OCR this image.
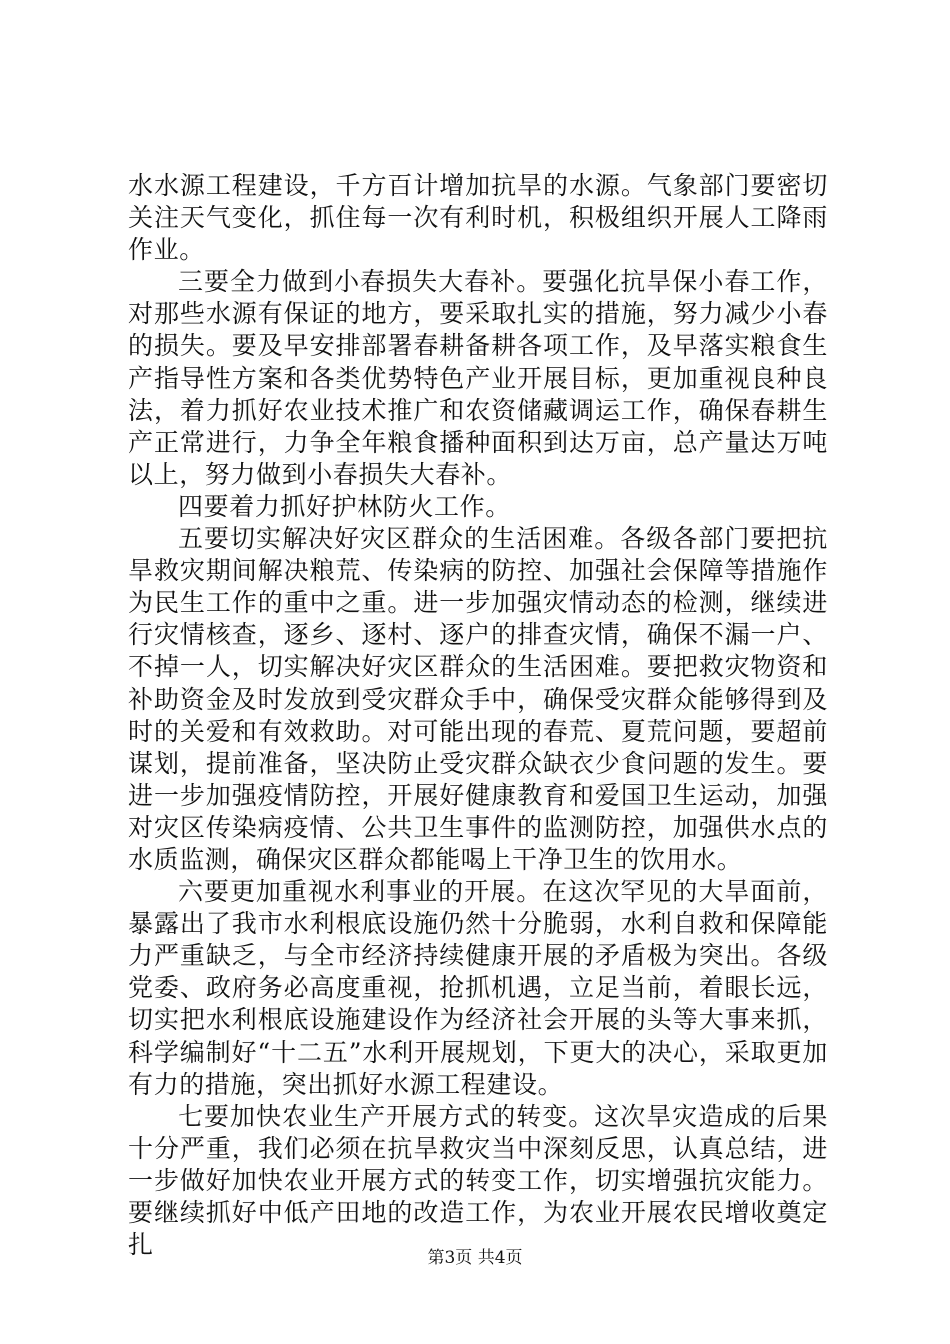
水水源工程建设，千方百计增加抗旱的水源。气象部门要密切关注天气变化，抓住每一次有利时机，积极组织开展人工降雨作业。

三要全力做到小春损失大春补。要强化抗旱保小春工作，对那些水源有保证的地方，要采取扎实的措施，努力减少小春的损失。要及早安排部署春耕备耕各项工作，及早落实粮食生产指导性方案和各类优势特色产业开展目标，更加重视良种良法，着力抓好农业技术推广和农资储藏调运工作，确保春耕生产正常进行，力争全年粮食播种面积到达万亩，总产量达万吨以上，努力做到小春损失大春补。

四要着力抓好护林防火工作。

五要切实解决好灾区群众的生活困难。各级各部门要把抗旱救灾期间解决粮荒、传染病的防控、加强社会保障等措施作为民生工作的重中之重。进一步加强灾情动态的检测，继续进行灾情核查，逐乡、逐村、逐户的排查灾情，确保不漏一户、不掉一人，切实解决好灾区群众的生活困难。要把救灾物资和补助资金及时发放到受灾群众手中，确保受灾群众能够得到及时的关爱和有效救助。对可能出现的春荒、夏荒问题，要超前谋划，提前准备，坚决防止受灾群众缺衣少食问题的发生。要进一步加强疫情防控，开展好健康教育和爱国卫生运动，加强对灾区传染病疫情、公共卫生事件的监测防控，加强供水点的水质监测，确保灾区群众都能喝上干净卫生的饮用水。

六要更加重视水利事业的开展。在这次罕见的大旱面前，暴露出了我市水利根底设施仍然十分脆弱，水利自救和保障能力严重缺乏，与全市经济持续健康开展的矛盾极为突出。各级党委、政府务必高度重视，抢抓机遇，立足当前，着眼长远，切实把水利根底设施建设作为经济社会开展的头等大事来抓，科学编制好“十二五”水利开展规划，下更大的决心，采取更加有力的措施，突出抓好水源工程建设。

七要加快农业生产开展方式的转变。这次旱灾造成的后果十分严重，我们必须在抗旱救灾当中深刻反思，认真总结，进一步做好加快农业开展方式的转变工作，切实增强抗灾能力。要继续抓好中低产田地的改造工作，为农业开展农民增收奠定扎	第3页 共4页
